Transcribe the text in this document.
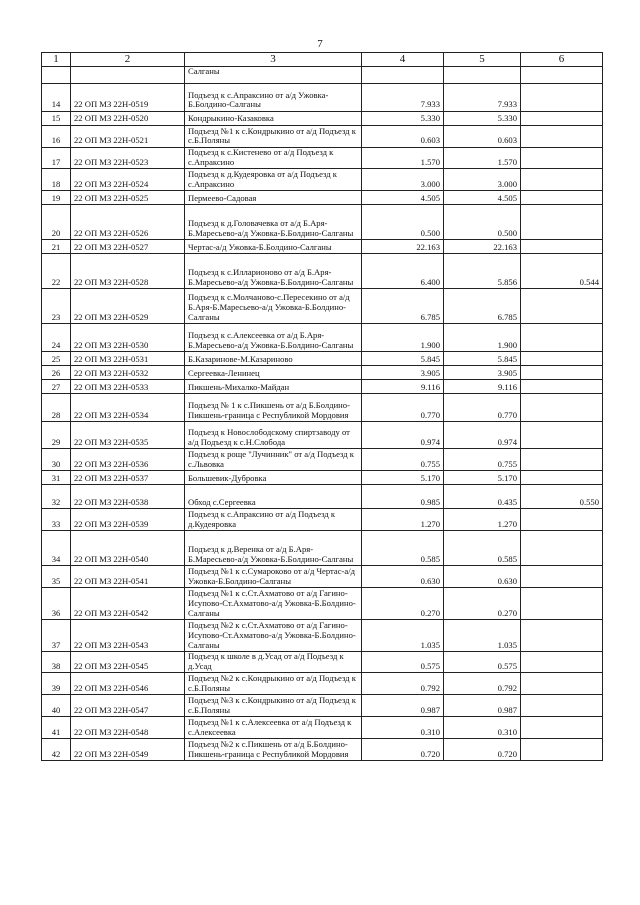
7
1	2	3	4	5	6
		Салганы			
14	22 ОП МЗ 22Н-0519	Подъезд к с.Апраксино от а/д Ужовка-Б.Болдино-Салганы	7.933	7.933	
15	22 ОП МЗ 22Н-0520	Кондрыкино-Казаковка	5.330	5.330	
16	22 ОП МЗ 22Н-0521	Подъезд №1 к с.Кондрыкино от а/д Подъезд к с.Б.Поляны	0.603	0.603	
17	22 ОП МЗ 22Н-0523	Подъезд к с.Кистенево от а/д Подъезд к с.Апраксино	1.570	1.570	
18	22 ОП МЗ 22Н-0524	Подъезд к д.Кудеяровка от а/д Подъезд к с.Апраксино	3.000	3.000	
19	22 ОП МЗ 22Н-0525	Пермеево-Садовая	4.505	4.505	
20	22 ОП МЗ 22Н-0526	Подъезд к д.Головачевка от а/д Б.Аря-Б.Маресьево-а/д Ужовка-Б.Болдино-Салганы	0.500	0.500	
21	22 ОП МЗ 22Н-0527	Чертас-а/д Ужовка-Б.Болдино-Салганы	22.163	22.163	
22	22 ОП МЗ 22Н-0528	Подъезд к с.Илларионово от а/д Б.Аря-Б.Маресьево-а/д Ужовка-Б.Болдино-Салганы	6.400	5.856	0.544
23	22 ОП МЗ 22Н-0529	Подъезд к с.Молчаново-с.Пересекино от а/д Б.Аря-Б.Маресьево-а/д Ужовка-Б.Болдино-Салганы	6.785	6.785	
24	22 ОП МЗ 22Н-0530	Подъезд к с.Алексеевка от а/д Б.Аря-Б.Маресьево-а/д Ужовка-Б.Болдино-Салганы	1.900	1.900	
25	22 ОП МЗ 22Н-0531	Б.Казаринове-М.Казариново	5.845	5.845	
26	22 ОП МЗ 22Н-0532	Сергеевка-Ленинец	3.905	3.905	
27	22 ОП МЗ 22Н-0533	Пикшень-Михалко-Майдан	9.116	9.116	
28	22 ОП МЗ 22Н-0534	Подъезд № 1 к с.Пикшень от а/д Б.Болдино-Пикшень-граница с Республикой Мордовия	0.770	0.770	
29	22 ОП МЗ 22Н-0535	Подъезд к Новослободскому спиртзаводу от а/д Подъезд к с.Н.Слобода	0.974	0.974	
30	22 ОП МЗ 22Н-0536	Подъезд к роще "Лучинник" от а/д Подъезд к с.Львовка	0.755	0.755	
31	22 ОП МЗ 22Н-0537	Большевик-Дубровка	5.170	5.170	
32	22 ОП МЗ 22Н-0538	Обход с.Сергеевка	0.985	0.435	0.550
33	22 ОП МЗ 22Н-0539	Подъезд к с.Апраксино от а/д Подъезд к д.Кудеяровка	1.270	1.270	
34	22 ОП МЗ 22Н-0540	Подъезд к д.Веренка от а/д Б.Аря-Б.Маресьево-а/д Ужовка-Б.Болдино-Салганы	0.585	0.585	
35	22 ОП МЗ 22Н-0541	Подъезд №1 к с.Сумароково от а/д Чертас-а/д Ужовка-Б.Болдино-Салганы	0.630	0.630	
36	22 ОП МЗ 22Н-0542	Подъезд №1 к с.Ст.Ахматово от а/д Гагино-Исупово-Ст.Ахматово-а/д Ужовка-Б.Болдино-Салганы	0.270	0.270	
37	22 ОП МЗ 22Н-0543	Подъезд №2 к с.Ст.Ахматово от а/д Гагино-Исупово-Ст.Ахматово-а/д Ужовка-Б.Болдино-Салганы	1.035	1.035	
38	22 ОП МЗ 22Н-0545	Подъезд к школе в д.Усад от а/д Подъезд к д.Усад	0.575	0.575	
39	22 ОП МЗ 22Н-0546	Подъезд №2 к с.Кондрыкино от а/д Подъезд к с.Б.Поляны	0.792	0.792	
40	22 ОП МЗ 22Н-0547	Подъезд №3 к с.Кондрыкино от а/д Подъезд к с.Б.Поляны	0.987	0.987	
41	22 ОП МЗ 22Н-0548	Подъезд №1 к с.Алексеевка от а/д Подъезд к с.Алексеевка	0.310	0.310	
42	22 ОП МЗ 22Н-0549	Подъезд №2 к с.Пикшень от а/д Б.Болдино-Пикшень-граница с Республикой Мордовия	0.720	0.720	
